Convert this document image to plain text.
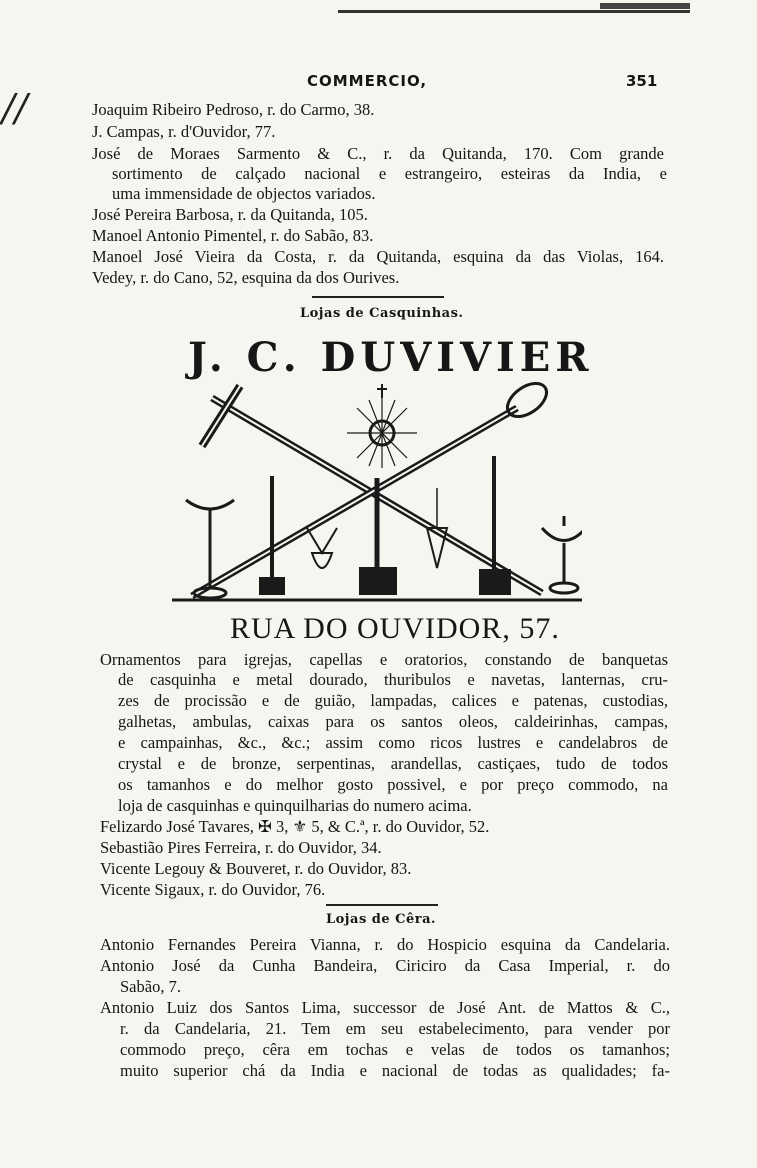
//
COMMERCIO,	351
Joaquim Ribeiro Pedroso, r. do Carmo, 38.
J. Campas, r. d'Ouvidor, 77.
José de Moraes Sarmento & C., r. da Quitanda, 170. Com grande
sortimento de calçado nacional e estrangeiro, esteiras da India, e
uma immensidade de objectos variados.
José Pereira Barbosa, r. da Quitanda, 105.
Manoel Antonio Pimentel, r. do Sabão, 83.
Manoel José Vieira da Costa, r. da Quitanda, esquina da das Violas, 164.
Vedey, r. do Cano, 52, esquina da dos Ourives.
Lojas de Casquinhas.
J. C. DUVIVIER
RUA DO OUVIDOR, 57.
Ornamentos para igrejas, capellas e oratorios, constando de banquetas
de casquinha e metal dourado, thuribulos e navetas, lanternas, cru-
zes de procissão e de guião, lampadas, calices e patenas, custodias,
galhetas, ambulas, caixas para os santos oleos, caldeirinhas, campas,
e campainhas, &c., &c.; assim como ricos lustres e candelabros de
crystal e de bronze, serpentinas, arandellas, castiçaes, tudo de todos
os tamanhos e do melhor gosto possivel, e por preço commodo, na
loja de casquinhas e quinquilharias do numero acima.
Felizardo José Tavares, ✠ 3, ⚜ 5, & C.ª, r. do Ouvidor, 52.
Sebastião Pires Ferreira, r. do Ouvidor, 34.
Vicente Legouy & Bouveret, r. do Ouvidor, 83.
Vicente Sigaux, r. do Ouvidor, 76.
Lojas de Cêra.
Antonio Fernandes Pereira Vianna, r. do Hospicio esquina da Candelaria.
Antonio José da Cunha Bandeira, Ciriciro da Casa Imperial, r. do
Sabão, 7.
Antonio Luiz dos Santos Lima, successor de José Ant. de Mattos & C.,
r. da Candelaria, 21. Tem em seu estabelecimento, para vender por
commodo preço, cêra em tochas e velas de todos os tamanhos;
muito superior chá da India e nacional de todas as qualidades; fa-
